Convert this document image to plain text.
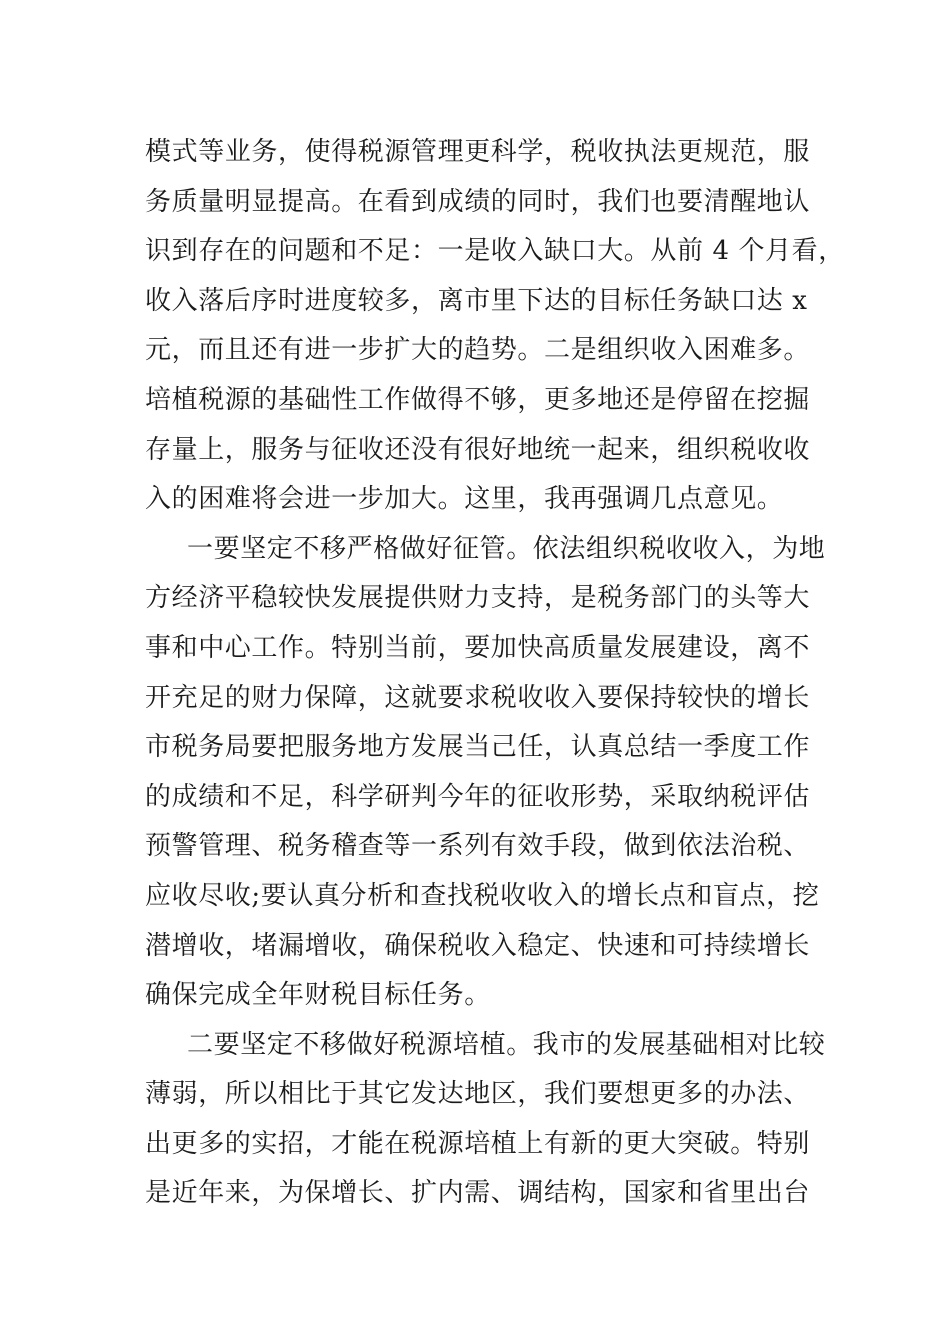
模式等业务，使得税源管理更科学，税收执法更规范，服
务质量明显提高。在看到成绩的同时，我们也要清醒地认
识到存在的问题和不足：一是收入缺口大。从前 4 个月看，
收入落后序时进度较多，离市里下达的目标任务缺口达 x
元，而且还有进一步扩大的趋势。二是组织收入困难多。
培植税源的基础性工作做得不够，更多地还是停留在挖掘
存量上，服务与征收还没有很好地统一起来，组织税收收
入的困难将会进一步加大。这里，我再强调几点意见。
一要坚定不移严格做好征管。依法组织税收收入，为地
方经济平稳较快发展提供财力支持，是税务部门的头等大
事和中心工作。特别当前，要加快高质量发展建设，离不
开充足的财力保障，这就要求税收收入要保持较快的增长
市税务局要把服务地方发展当己任，认真总结一季度工作
的成绩和不足，科学研判今年的征收形势，采取纳税评估
预警管理、税务稽查等一系列有效手段，做到依法治税、
应收尽收;要认真分析和查找税收收入的增长点和盲点，挖
潜增收，堵漏增收，确保税收入稳定、快速和可持续增长
确保完成全年财税目标任务。
二要坚定不移做好税源培植。我市的发展基础相对比较
薄弱，所以相比于其它发达地区，我们要想更多的办法、
出更多的实招，才能在税源培植上有新的更大突破。特别
是近年来，为保增长、扩内需、调结构，国家和省里出台
